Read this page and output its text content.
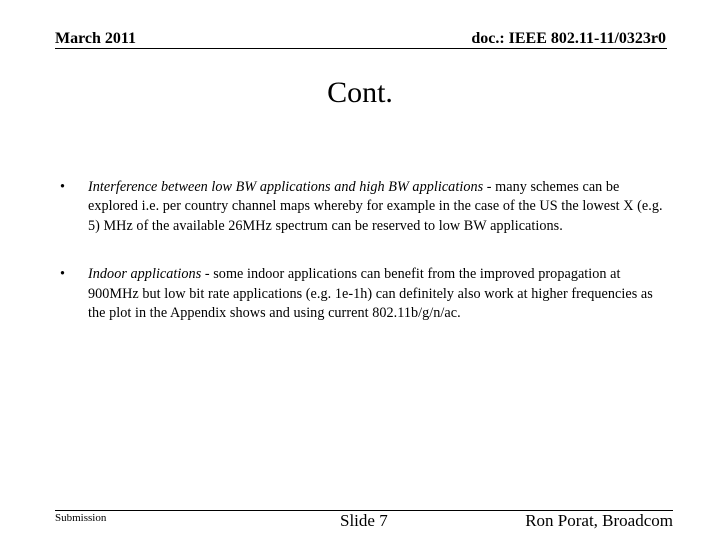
March 2011	doc.: IEEE 802.11-11/0323r0
Cont.
•	Interference between low BW applications and high BW applications - many schemes can be explored i.e. per country channel maps whereby for example in the case of the US the lowest X (e.g. 5) MHz of the available 26MHz spectrum can be reserved to low BW applications.
•	Indoor applications - some indoor applications can benefit from the improved propagation at 900MHz but low bit rate applications (e.g. 1e-1h) can definitely also work at higher frequencies as the plot in the Appendix shows and using current 802.11b/g/n/ac.
Submission	Slide 7	Ron Porat, Broadcom
